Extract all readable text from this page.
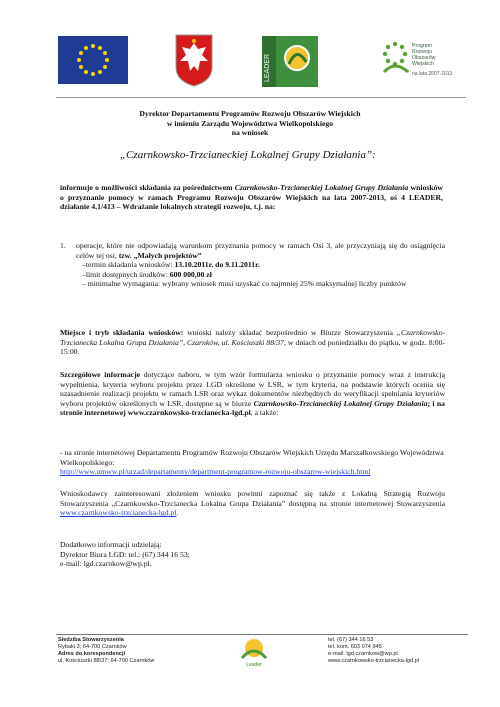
LEADER
Program
Rozwoju
Obszarów
Wiejskich
na lata 2007-2013
Dyrektor Departamentu Programów Rozwoju Obszarów Wiejskich
w imieniu Zarządu Województwa Wielkopolskiego
na wniosek
„Czarnkowsko-Trzcianeckiej Lokalnej Grupy Działania”:
informuje o możliwości składania za pośrednictwem Czarnkowsko-Trzcianeckiej Lokalnej Grupy Działania wniosków o przyznanie pomocy w ramach Programu Rozwoju Obszarów Wiejskich na lata 2007-2013, oś 4 LEADER, działanie 4.1/413 – Wdrażanie lokalnych strategii rozwoju, t.j. na:
1. operacje, które nie odpowiadają warunkom przyznania pomocy w ramach Osi 3, ale przyczyniają się do osiągnięcia celów tej osi, tzw. „Małych projektów”
–termin składania wniosków: 13.10.2011r. do 9.11.2011r.
–limit dostępnych środków: 600 000,00 zł
– minimalne wymagania: wybrany wniosek musi uzyskać co najmniej 25% maksymalnej liczby punktów
Miejsce i tryb składania wniosków: wnioski należy składać bezpośrednio w Biurze Stowarzyszenia „Czarnkowsko-Trzcianecka Lokalna Grupa Działania”, Czarnków, ul. Kościuszki 88/37, w dniach od poniedziałku do piątku, w godz. 8:00-15:00.
Szczegółowe informacje dotyczące naboru, w tym wzór formularza wniosku o przyznanie pomocy wraz z instrukcją wypełnienia, kryteria wyboru projektu przez LGD określone w LSR, w tym kryteria, na podstawie których ocenia się uzasadnienie realizacji projektu w ramach LSR oraz wykaz dokumentów niezbędnych do weryfikacji spełniania kryteriów wyboru projektów określonych w LSR, dostępne są w biurze Czarnkowsko-Trzcianeckiej Lokalnej Grupy Działania; i na stronie internetowej www.czarnkowsko-trzcianecka-lgd.pl, a także:
- na stronie internetowej Departamentu Programów Rozwoju Obszarów Wiejskich Urzędu Marszałkowskiego Województwa Wielkopolskiego:
http://www.umww.pl/urzad/departamenty/department-programow-rozwoju-obszarow-wiejskich.html
Wnioskodawcy zainteresowani złożeniem wniosku powinni zapoznać się także z Lokalną Strategią Rozwoju Stowarzyszenia „Czarnkowsko-Trzcianecka Lokalna Grupa Działania” dostępną na stronie internetowej Stowarzyszenia www.czarnkowsko-trzcianecka-lgd.pl.
Dodatkowo informacji udzielają:
Dyrektor Biura LGD: tel.: (67) 344 16 53;
e-mail: lgd.czarnkow@wp.pl.
Siedziba Stowarzyszenia
Rybaki 3; 64-700 Czarnków
Adres do korespondencji
ul. Kościuszki 88\37; 64-700 Czarnków
Leader
tel. (67) 344 16 53
tel. kom. 603 074 945
e-mail: lgd.czarnkow@wp.pl
www.czarnkowsko-trzcianecka-lgd.pl
